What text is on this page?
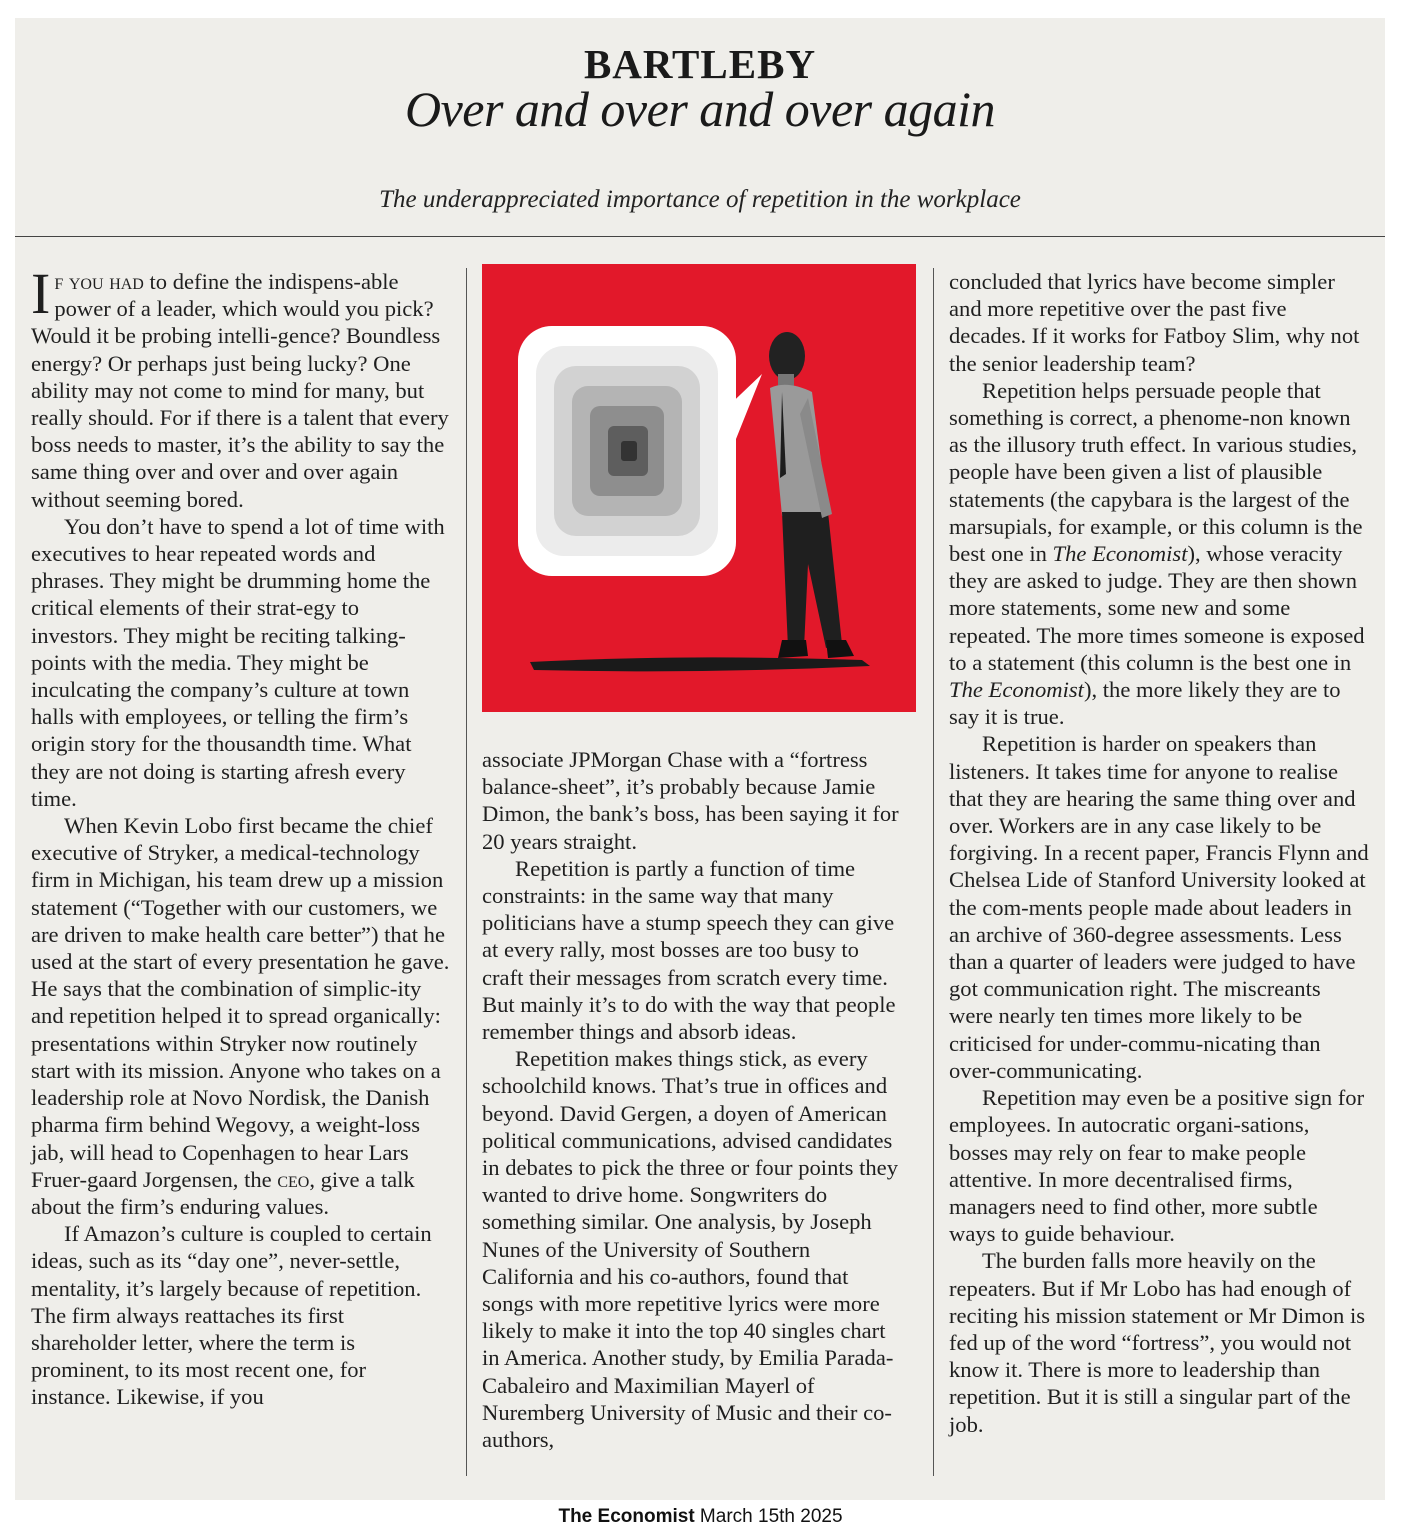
BARTLEBY
Over and over and over again
The underappreciated importance of repetition in the workplace

If you had to define the indispens-able power of a leader, which would you pick? Would it be probing intelli-gence? Boundless energy? Or perhaps just being lucky? One ability may not come to mind for many, but really should. For if there is a talent that every boss needs to master, it’s the ability to say the same thing over and over and over again without seeming bored.

You don’t have to spend a lot of time with executives to hear repeated words and phrases. They might be drumming home the critical elements of their strat-egy to investors. They might be reciting talking-points with the media. They might be inculcating the company’s culture at town halls with employees, or telling the firm’s origin story for the thousandth time. What they are not doing is starting afresh every time.

When Kevin Lobo first became the chief executive of Stryker, a medical-technology firm in Michigan, his team drew up a mission statement (“Together with our customers, we are driven to make health care better”) that he used at the start of every presentation he gave. He says that the combination of simplic-ity and repetition helped it to spread organically: presentations within Stryker now routinely start with its mission. Anyone who takes on a leadership role at Novo Nordisk, the Danish pharma firm behind Wegovy, a weight-loss jab, will head to Copenhagen to hear Lars Fruer-gaard Jorgensen, the ceo, give a talk about the firm’s enduring values.

If Amazon’s culture is coupled to certain ideas, such as its “day one”, never-settle, mentality, it’s largely because of repetition. The firm always reattaches its first shareholder letter, where the term is prominent, to its most recent one, for instance. Likewise, if you

associate JPMorgan Chase with a “fortress balance-sheet”, it’s probably because Jamie Dimon, the bank’s boss, has been saying it for 20 years straight.

Repetition is partly a function of time constraints: in the same way that many politicians have a stump speech they can give at every rally, most bosses are too busy to craft their messages from scratch every time. But mainly it’s to do with the way that people remember things and absorb ideas.

Repetition makes things stick, as every schoolchild knows. That’s true in offices and beyond. David Gergen, a doyen of American political communications, advised candidates in debates to pick the three or four points they wanted to drive home. Songwriters do something similar. One analysis, by Joseph Nunes of the University of Southern California and his co-authors, found that songs with more repetitive lyrics were more likely to make it into the top 40 singles chart in America. Another study, by Emilia Parada-Cabaleiro and Maximilian Mayerl of Nuremberg University of Music and their co-authors,

concluded that lyrics have become simpler and more repetitive over the past five decades. If it works for Fatboy Slim, why not the senior leadership team?

Repetition helps persuade people that something is correct, a phenome-non known as the illusory truth effect. In various studies, people have been given a list of plausible statements (the capybara is the largest of the marsupials, for example, or this column is the best one in The Economist), whose veracity they are asked to judge. They are then shown more statements, some new and some repeated. The more times someone is exposed to a statement (this column is the best one in The Economist), the more likely they are to say it is true.

Repetition is harder on speakers than listeners. It takes time for anyone to realise that they are hearing the same thing over and over. Workers are in any case likely to be forgiving. In a recent paper, Francis Flynn and Chelsea Lide of Stanford University looked at the com-ments people made about leaders in an archive of 360-degree assessments. Less than a quarter of leaders were judged to have got communication right. The miscreants were nearly ten times more likely to be criticised for under-commu-nicating than over-communicating.

Repetition may even be a positive sign for employees. In autocratic organi-sations, bosses may rely on fear to make people attentive. In more decentralised firms, managers need to find other, more subtle ways to guide behaviour.

The burden falls more heavily on the repeaters. But if Mr Lobo has had enough of reciting his mission statement or Mr Dimon is fed up of the word “fortress”, you would not know it. There is more to leadership than repetition. But it is still a singular part of the job.

The Economist March 15th 2025
